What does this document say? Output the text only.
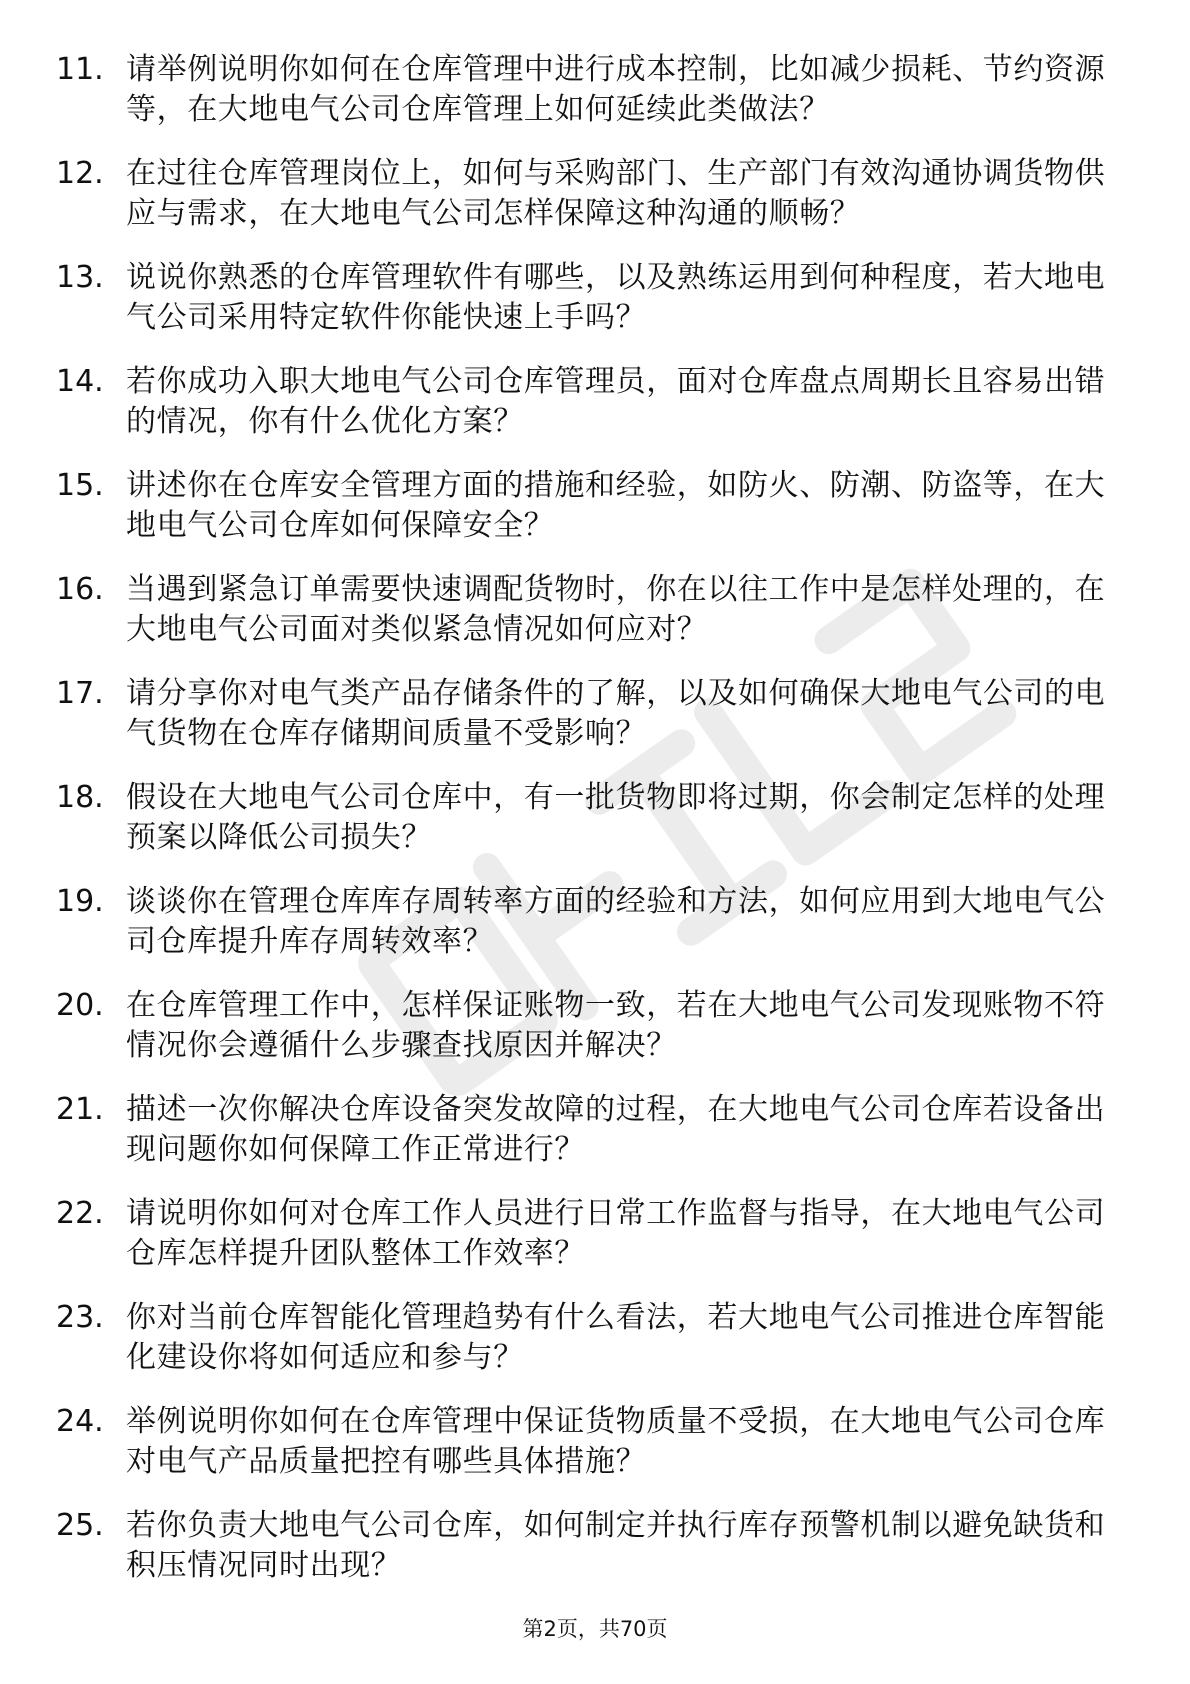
11. 请举例说明你如何在仓库管理中进行成本控制，比如减少损耗、节约资源等，在大地电气公司仓库管理上如何延续此类做法？
12. 在过往仓库管理岗位上，如何与采购部门、生产部门有效沟通协调货物供应与需求，在大地电气公司怎样保障这种沟通的顺畅？
13. 说说你熟悉的仓库管理软件有哪些，以及熟练运用到何种程度，若大地电气公司采用特定软件你能快速上手吗？
14. 若你成功入职大地电气公司仓库管理员，面对仓库盘点周期长且容易出错的情况，你有什么优化方案？
15. 讲述你在仓库安全管理方面的措施和经验，如防火、防潮、防盗等，在大地电气公司仓库如何保障安全？
16. 当遇到紧急订单需要快速调配货物时，你在以往工作中是怎样处理的，在大地电气公司面对类似紧急情况如何应对？
17. 请分享你对电气类产品存储条件的了解，以及如何确保大地电气公司的电气货物在仓库存储期间质量不受影响？
18. 假设在大地电气公司仓库中，有一批货物即将过期，你会制定怎样的处理预案以降低公司损失？
19. 谈谈你在管理仓库库存周转率方面的经验和方法，如何应用到大地电气公司仓库提升库存周转效率？
20. 在仓库管理工作中，怎样保证账物一致，若在大地电气公司发现账物不符情况你会遵循什么步骤查找原因并解决？
21. 描述一次你解决仓库设备突发故障的过程，在大地电气公司仓库若设备出现问题你如何保障工作正常进行？
22. 请说明你如何对仓库工作人员进行日常工作监督与指导，在大地电气公司仓库怎样提升团队整体工作效率？
23. 你对当前仓库智能化管理趋势有什么看法，若大地电气公司推进仓库智能化建设你将如何适应和参与？
24. 举例说明你如何在仓库管理中保证货物质量不受损，在大地电气公司仓库对电气产品质量把控有哪些具体措施？
25. 若你负责大地电气公司仓库，如何制定并执行库存预警机制以避免缺货和积压情况同时出现？
第2页，共70页
